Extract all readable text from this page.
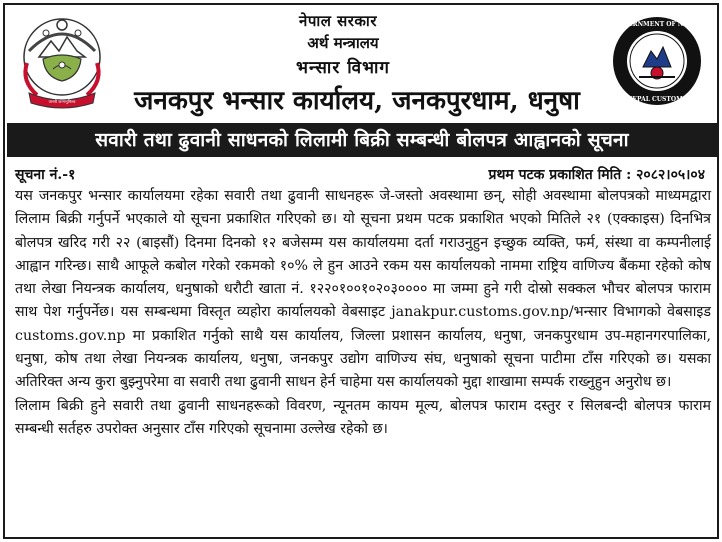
जननी जन्मभूमिश्च
नेपाल सरकार
अर्थ मन्त्रालय
भन्सार विभाग
जनकपुर भन्सार कार्यालय, जनकपुरधाम, धनुषा
GOVERNMENT OF NEPAL
NEPAL CUSTOMS
सवारी तथा ढुवानी साधनको लिलामी बिक्री सम्बन्धी बोलपत्र आह्वानको सूचना
सूचना नं.-१	प्रथम पटक प्रकाशित मिति : २०८२।०५।०४

यस जनकपुर भन्सार कार्यालयमा रहेका सवारी तथा ढुवानी साधनहरू जे-जस्तो अवस्थामा छन्, सोही अवस्थामा बोलपत्रको माध्यमद्वारा लिलाम बिक्री गर्नुपर्ने भएकाले यो सूचना प्रकाशित गरिएको छ। यो सूचना प्रथम पटक प्रकाशित भएको मितिले २१ (एक्काइस) दिनभित्र बोलपत्र खरिद गरी २२ (बाइसौं) दिनमा दिनको १२ बजेसम्म यस कार्यालयमा दर्ता गराउनुहुन इच्छुक व्यक्ति, फर्म, संस्था वा कम्पनीलाई आह्वान गरिन्छ। साथै आफूले कबोल गरेको रकमको १०% ले हुन आउने रकम यस कार्यालयको नाममा राष्ट्रिय वाणिज्य बैंकमा रहेको कोष तथा लेखा नियन्त्रक कार्यालय, धनुषाको धरौटी खाता नं. १२२०१००१०२०३०००० मा जम्मा हुने गरी दोस्रो सक्कल भौचर बोलपत्र फाराम साथ पेश गर्नुपर्नेछ। यस सम्बन्धमा विस्तृत व्यहोरा कार्यालयको वेबसाइट janakpur.customs.gov.np/भन्सार विभागको वेबसाइड customs.gov.np मा प्रकाशित गर्नुको साथै यस कार्यालय, जिल्ला प्रशासन कार्यालय, धनुषा, जनकपुरधाम उप-महानगरपालिका, धनुषा, कोष तथा लेखा नियन्त्रक कार्यालय, धनुषा, जनकपुर उद्योग वाणिज्य संघ, धनुषाको सूचना पाटीमा टाँस गरिएको छ। यसका अतिरिक्त अन्य कुरा बुझ्नुपरेमा वा सवारी तथा ढुवानी साधन हेर्न चाहेमा यस कार्यालयको मुद्दा शाखामा सम्पर्क राख्नुहुन अनुरोध छ।

लिलाम बिक्री हुने सवारी तथा ढुवानी साधनहरूको विवरण, न्यूनतम कायम मूल्य, बोलपत्र फाराम दस्तुर र सिलबन्दी बोलपत्र फाराम सम्बन्धी सर्तहरु उपरोक्त अनुसार टाँस गरिएको सूचनामा उल्लेख रहेको छ।
